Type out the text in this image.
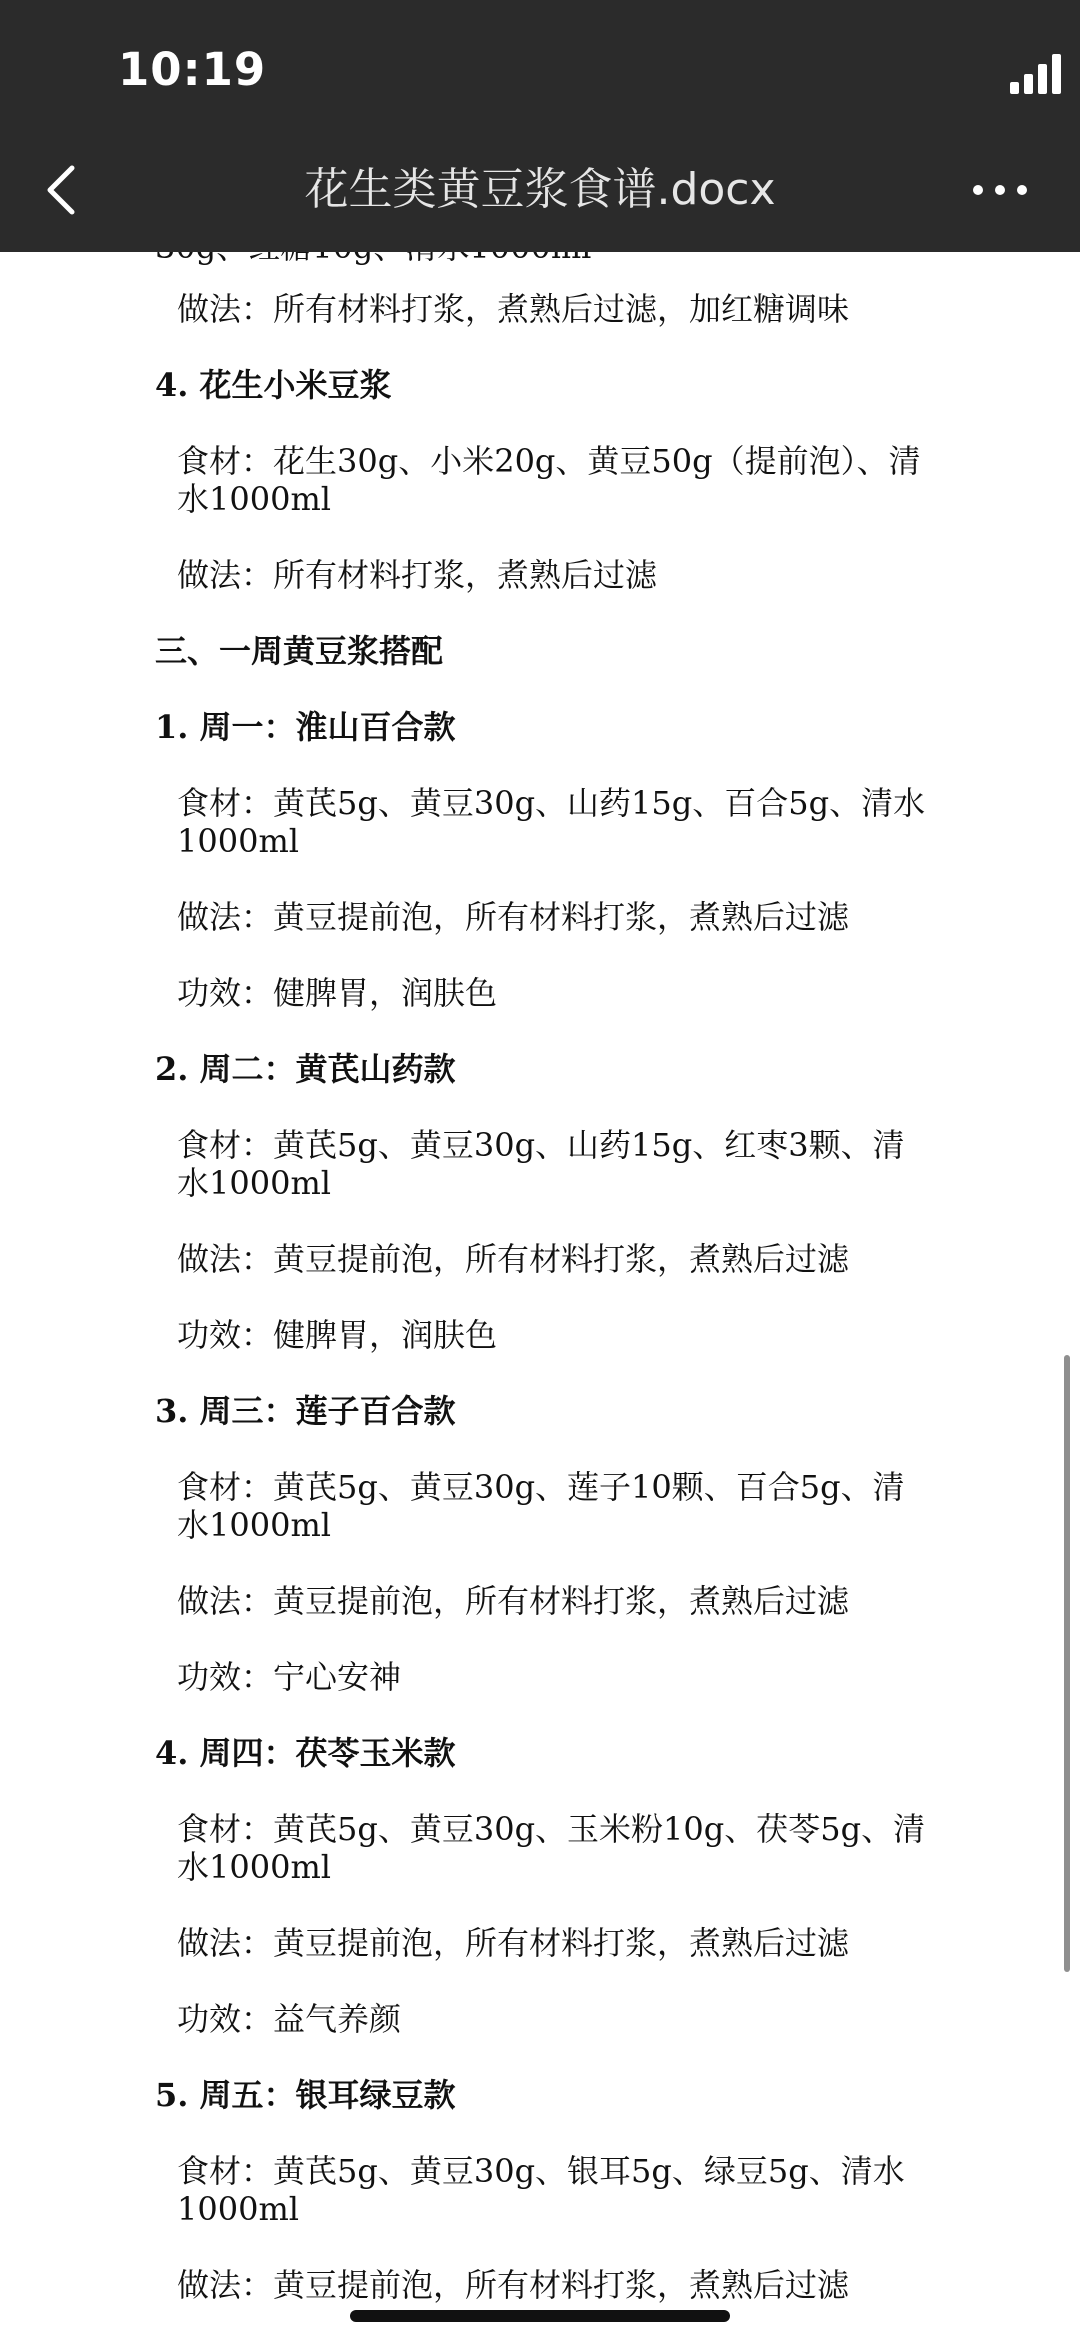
做法：所有材料打浆，煮熟后过滤，加红糖调味
4. 花生小米豆浆
食材：花生30g、小米20g、黄豆50g（提前泡）、清水1000ml
做法：所有材料打浆，煮熟后过滤
三、一周黄豆浆搭配
1. 周一：淮山百合款
食材：黄芪5g、黄豆30g、山药15g、百合5g、清水1000ml
做法：黄豆提前泡，所有材料打浆，煮熟后过滤
功效：健脾胃，润肤色
2. 周二：黄芪山药款
食材：黄芪5g、黄豆30g、山药15g、红枣3颗、清水1000ml
做法：黄豆提前泡，所有材料打浆，煮熟后过滤
功效：健脾胃，润肤色
3. 周三：莲子百合款
食材：黄芪5g、黄豆30g、莲子10颗、百合5g、清水1000ml
做法：黄豆提前泡，所有材料打浆，煮熟后过滤
功效：宁心安神
4. 周四：茯苓玉米款
食材：黄芪5g、黄豆30g、玉米粉10g、茯苓5g、清水1000ml
做法：黄豆提前泡，所有材料打浆，煮熟后过滤
功效：益气养颜
5. 周五：银耳绿豆款
食材：黄芪5g、黄豆30g、银耳5g、绿豆5g、清水1000ml
做法：黄豆提前泡，所有材料打浆，煮熟后过滤
10:19
花生类黄豆浆食谱.docx
